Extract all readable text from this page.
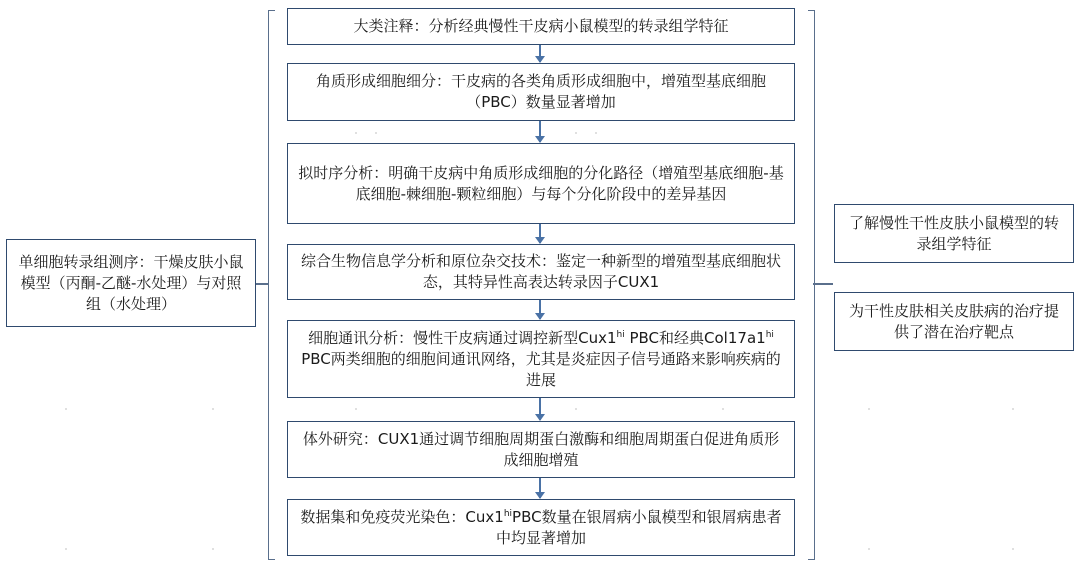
单细胞转录组测序：干燥皮肤小鼠模型（丙酮-乙醚-水处理）与对照组（水处理）
大类注释：分析经典慢性干皮病小鼠模型的转录组学特征
角质形成细胞细分：干皮病的各类角质形成细胞中，增殖型基底细胞（PBC）数量显著增加
拟时序分析：明确干皮病中角质形成细胞的分化路径（增殖型基底细胞-基底细胞-棘细胞-颗粒细胞）与每个分化阶段中的差异基因
综合生物信息学分析和原位杂交技术：鉴定一种新型的增殖型基底细胞状态，其特异性高表达转录因子CUX1
细胞通讯分析：慢性干皮病通过调控新型$Cux1^{hi}$ PBC和经典$Col17a1^{hi}$ PBC两类细胞的细胞间通讯网络，尤其是炎症因子信号通路来影响疾病的进展
体外研究：CUX1通过调节细胞周期蛋白激酶和细胞周期蛋白促进角质形成细胞增殖
数据集和免疫荧光染色：$Cux1^{hi}PBC$数量在银屑病小鼠模型和银屑病患者中均显著增加
了解慢性干性皮肤小鼠模型的转录组学特征
为干性皮肤相关皮肤病的治疗提供了潜在治疗靶点
